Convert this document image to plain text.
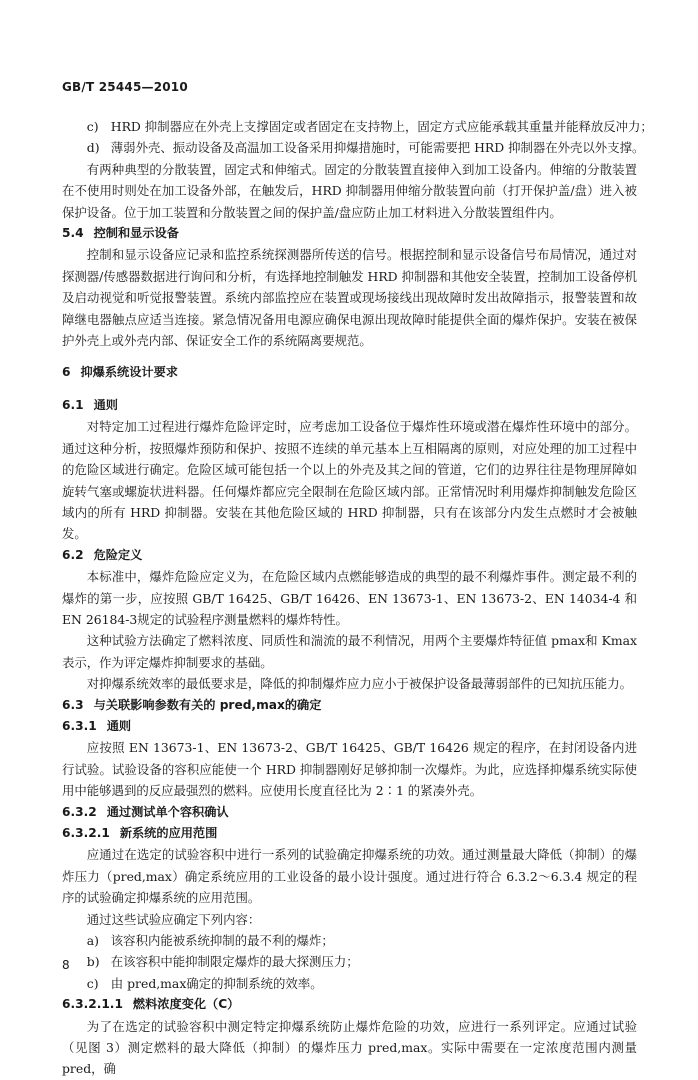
GB/T 25445—2010
c) HRD 抑制器应在外壳上支撑固定或者固定在支持物上，固定方式应能承载其重量并能释放反冲力；
d) 薄弱外壳、振动设备及高温加工设备采用抑爆措施时，可能需要把 HRD 抑制器在外壳以外支撑。

有两种典型的分散装置，固定式和伸缩式。固定的分散装置直接伸入到加工设备内。伸缩的分散装置在不使用时则处在加工设备外部，在触发后，HRD 抑制器用伸缩分散装置向前（打开保护盖/盘）进入被保护设备。位于加工装置和分散装置之间的保护盖/盘应防止加工材料进入分散装置组件内。

5.4 控制和显示设备

控制和显示设备应记录和监控系统探测器所传送的信号。根据控制和显示设备信号布局情况，通过对探测器/传感器数据进行询问和分析，有选择地控制触发 HRD 抑制器和其他安全装置，控制加工设备停机及启动视觉和听觉报警装置。系统内部监控应在装置或现场接线出现故障时发出故障指示，报警装置和故障继电器触点应适当连接。紧急情况备用电源应确保电源出现故障时能提供全面的爆炸保护。安装在被保护外壳上或外壳内部、保证安全工作的系统隔离要规范。

6 抑爆系统设计要求
6.1 通则

对特定加工过程进行爆炸危险评定时，应考虑加工设备位于爆炸性环境或潜在爆炸性环境中的部分。通过这种分析，按照爆炸预防和保护、按照不连续的单元基本上互相隔离的原则，对应处理的加工过程中的危险区域进行确定。危险区域可能包括一个以上的外壳及其之间的管道，它们的边界往往是物理屏障如旋转气塞或螺旋状进料器。任何爆炸都应完全限制在危险区域内部。正常情况时利用爆炸抑制触发危险区域内的所有 HRD 抑制器。安装在其他危险区域的 HRD 抑制器，只有在该部分内发生点燃时才会被触发。

6.2 危险定义

本标准中，爆炸危险应定义为，在危险区域内点燃能够造成的典型的最不利爆炸事件。测定最不利的爆炸的第一步，应按照 GB/T 16425、GB/T 16426、EN 13673-1、EN 13673-2、EN 14034-4 和 EN 26184-3规定的试验程序测量燃料的爆炸特性。

这种试验方法确定了燃料浓度、同质性和湍流的最不利情况，用两个主要爆炸特征值 pmax和 Kmax表示，作为评定爆炸抑制要求的基础。

对抑爆系统效率的最低要求是，降低的抑制爆炸应力应小于被保护设备最薄弱部件的已知抗压能力。

6.3 与关联影响参数有关的 pred,max的确定
6.3.1 通则

应按照 EN 13673-1、EN 13673-2、GB/T 16425、GB/T 16426 规定的程序，在封闭设备内进行试验。试验设备的容积应能使一个 HRD 抑制器刚好足够抑制一次爆炸。为此，应选择抑爆系统实际使用中能够遇到的反应最强烈的燃料。应使用长度直径比为 2∶1 的紧凑外壳。

6.3.2 通过测试单个容积确认
6.3.2.1 新系统的应用范围

应通过在选定的试验容积中进行一系列的试验确定抑爆系统的功效。通过测量最大降低（抑制）的爆炸压力（pred,max）确定系统应用的工业设备的最小设计强度。通过进行符合 6.3.2～6.3.4 规定的程序的试验确定抑爆系统的应用范围。

通过这些试验应确定下列内容：

a) 该容积内能被系统抑制的最不利的爆炸；
b) 在该容积中能抑制限定爆炸的最大探测压力；
c) 由 pred,max确定的抑制系统的效率。
6.3.2.1.1 燃料浓度变化（C）

为了在选定的试验容积中测定特定抑爆系统防止爆炸危险的功效，应进行一系列评定。应通过试验（见图 3）测定燃料的最大降低（抑制）的爆炸压力 pred,max。实际中需要在一定浓度范围内测量 pred，确

8
